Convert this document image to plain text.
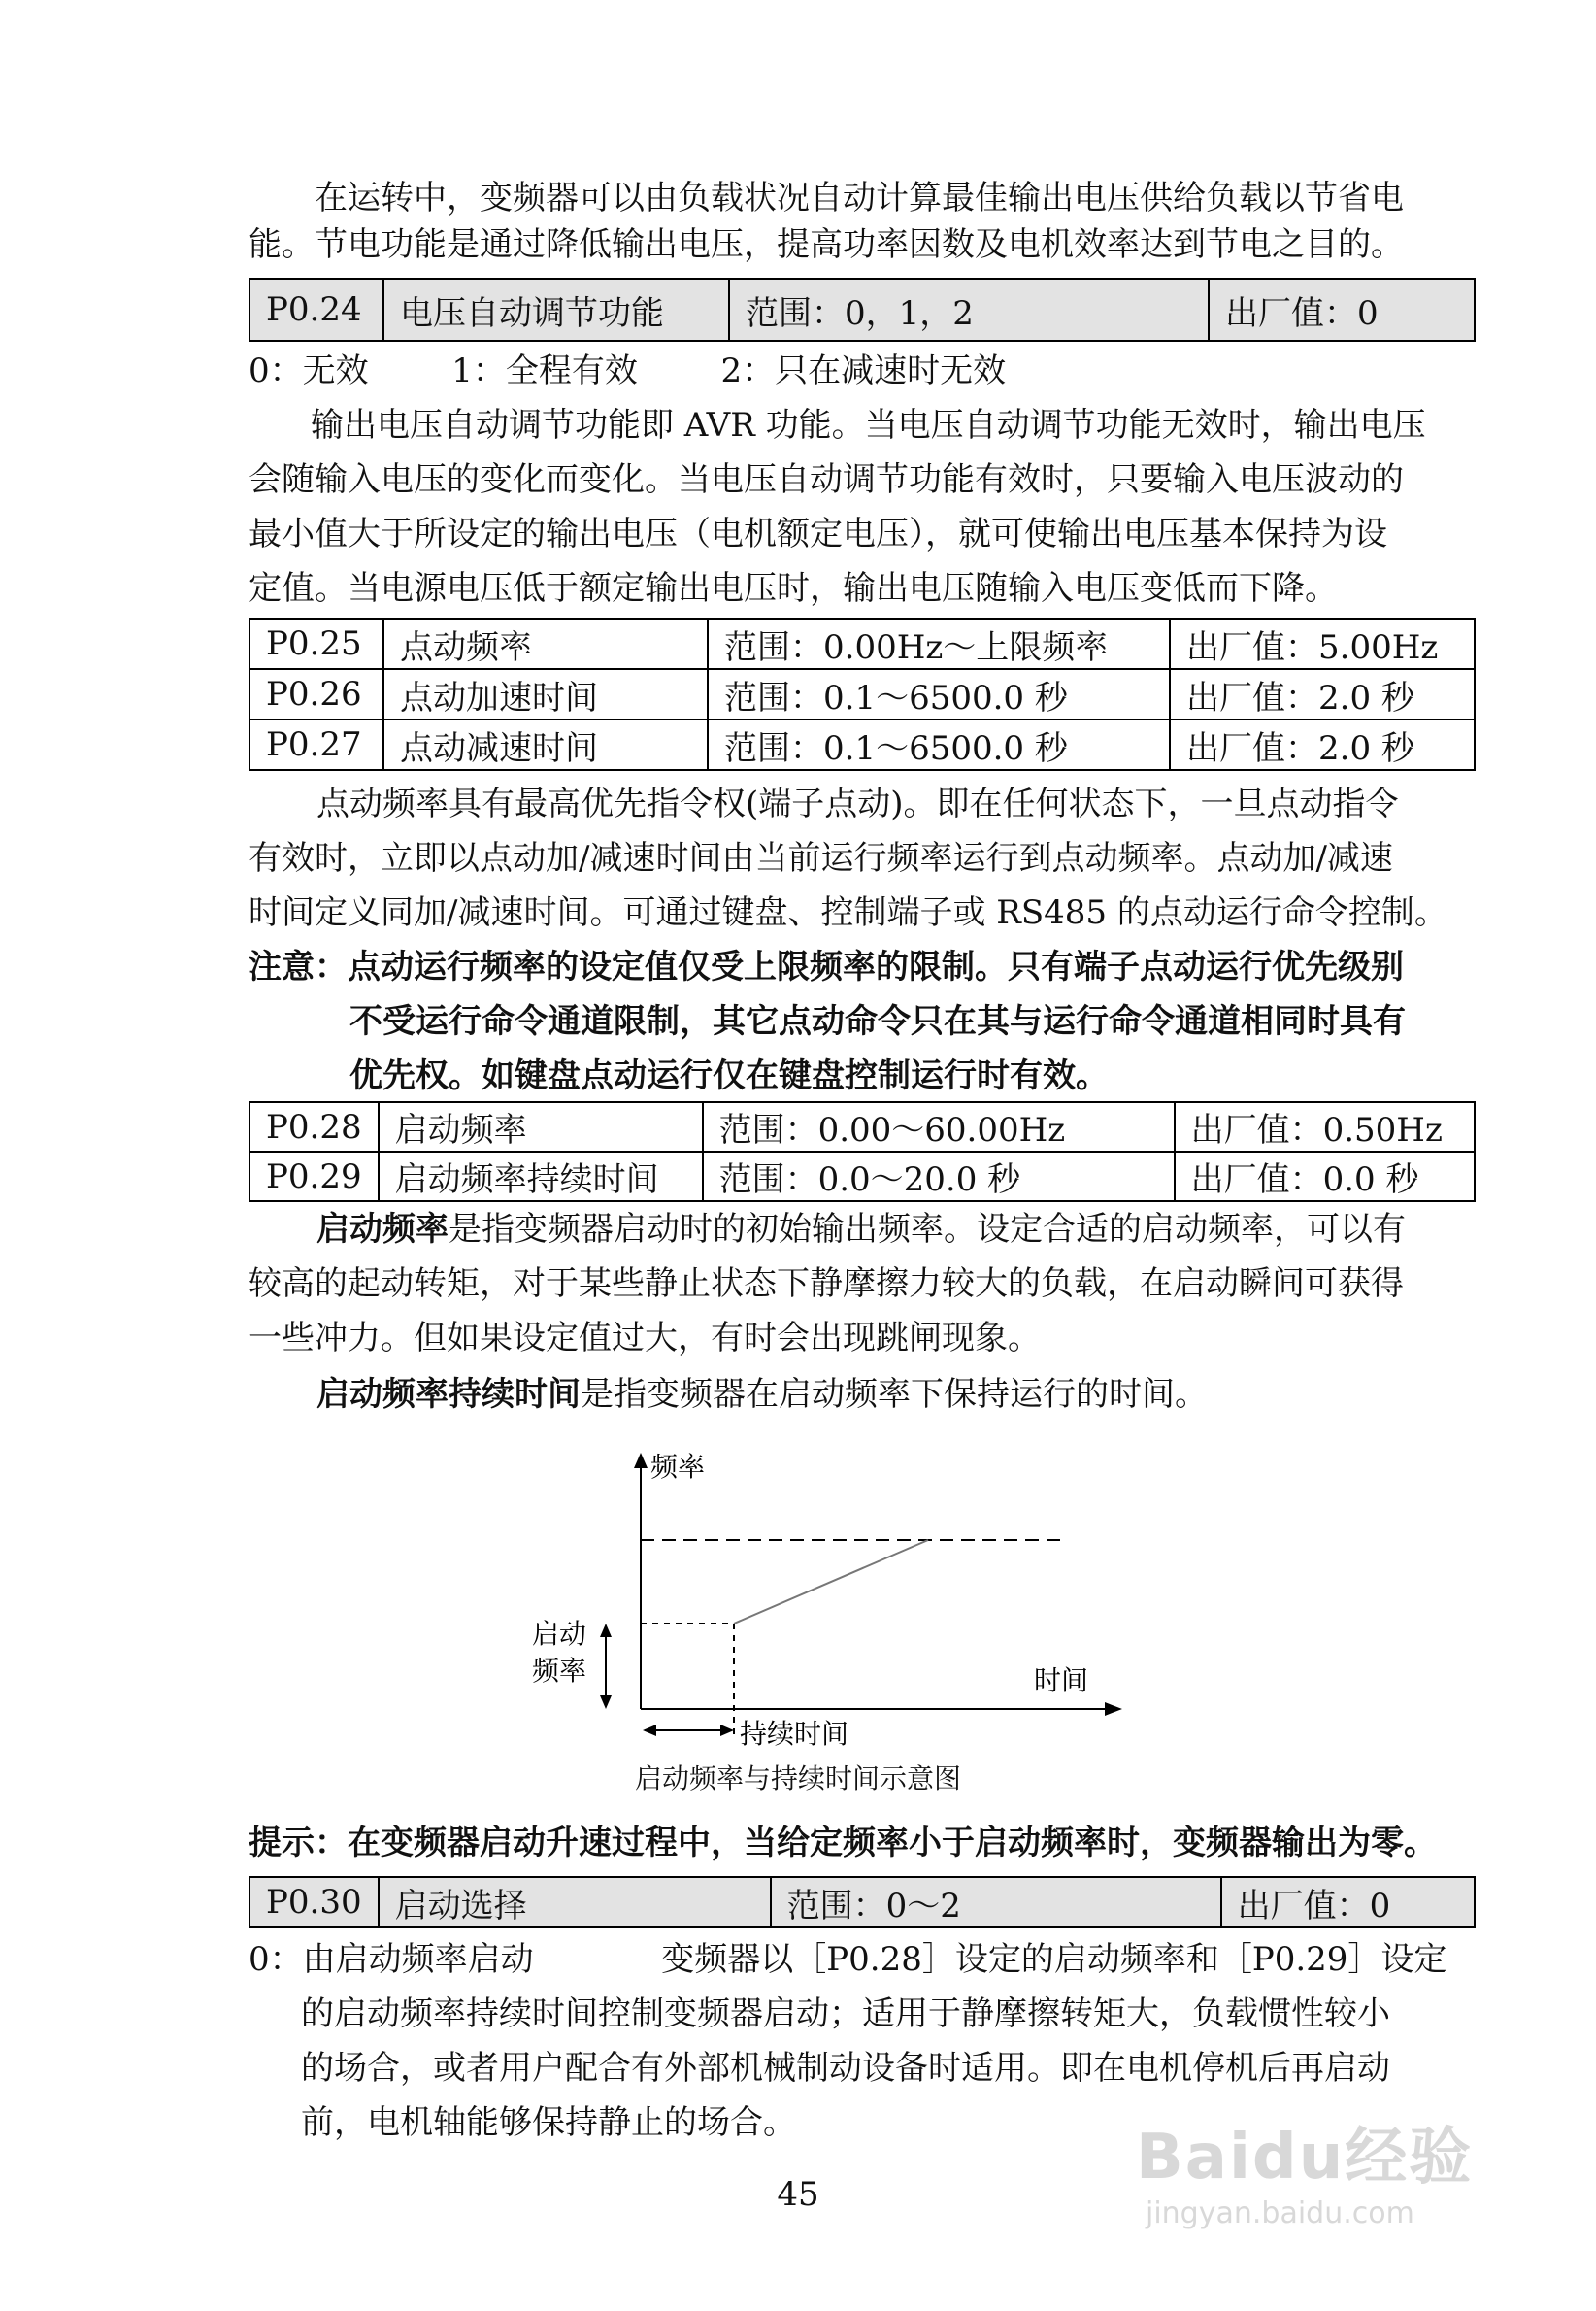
在运转中，变频器可以由负载状况自动计算最佳输出电压供给负载以节省电

能。节电功能是通过降低输出电压，提高功率因数及电机效率达到节电之目的。

P0.24	电压自动调节功能	范围：0，1，2	出厂值：0
0：无效	1：全程有效	2：只在减速时无效

输出电压自动调节功能即 AVR 功能。当电压自动调节功能无效时，输出电压

会随输入电压的变化而变化。当电压自动调节功能有效时，只要输入电压波动的

最小值大于所设定的输出电压（电机额定电压），就可使输出电压基本保持为设

定值。当电源电压低于额定输出电压时，输出电压随输入电压变低而下降。

P0.25	点动频率	范围：0.00Hz～上限频率	出厂值：5.00Hz
P0.26	点动加速时间	范围：0.1～6500.0 秒	出厂值：2.0 秒
P0.27	点动减速时间	范围：0.1～6500.0 秒	出厂值：2.0 秒

点动频率具有最高优先指令权(端子点动)。即在任何状态下，一旦点动指令

有效时，立即以点动加/减速时间由当前运行频率运行到点动频率。点动加/减速

时间定义同加/减速时间。可通过键盘、控制端子或 RS485 的点动运行命令控制。

注意：点动运行频率的设定值仅受上限频率的限制。只有端子点动运行优先级别

不受运行命令通道限制，其它点动命令只在其与运行命令通道相同时具有

优先权。如键盘点动运行仅在键盘控制运行时有效。

P0.28	启动频率	范围：0.00～60.00Hz	出厂值：0.50Hz
P0.29	启动频率持续时间	范围：0.0～20.0 秒	出厂值：0.0 秒

启动频率是指变频器启动时的初始输出频率。设定合适的启动频率，可以有

较高的起动转矩，对于某些静止状态下静摩擦力较大的负载，在启动瞬间可获得

一些冲力。但如果设定值过大，有时会出现跳闸现象。

启动频率持续时间是指变频器在启动频率下保持运行的时间。

频率
时间
启动
频率
持续时间
启动频率与持续时间示意图

提示：在变频器启动升速过程中，当给定频率小于启动频率时，变频器输出为零。

P0.30	启动选择	范围：0～2	出厂值：0
0：由启动频率启动	变频器以［P0.28］设定的启动频率和［P0.29］设定

的启动频率持续时间控制变频器启动；适用于静摩擦转矩大，负载惯性较小

的场合，或者用户配合有外部机械制动设备时适用。即在电机停机后再启动

前，电机轴能够保持静止的场合。

45
Baidu经验
jingyan.baidu.com
